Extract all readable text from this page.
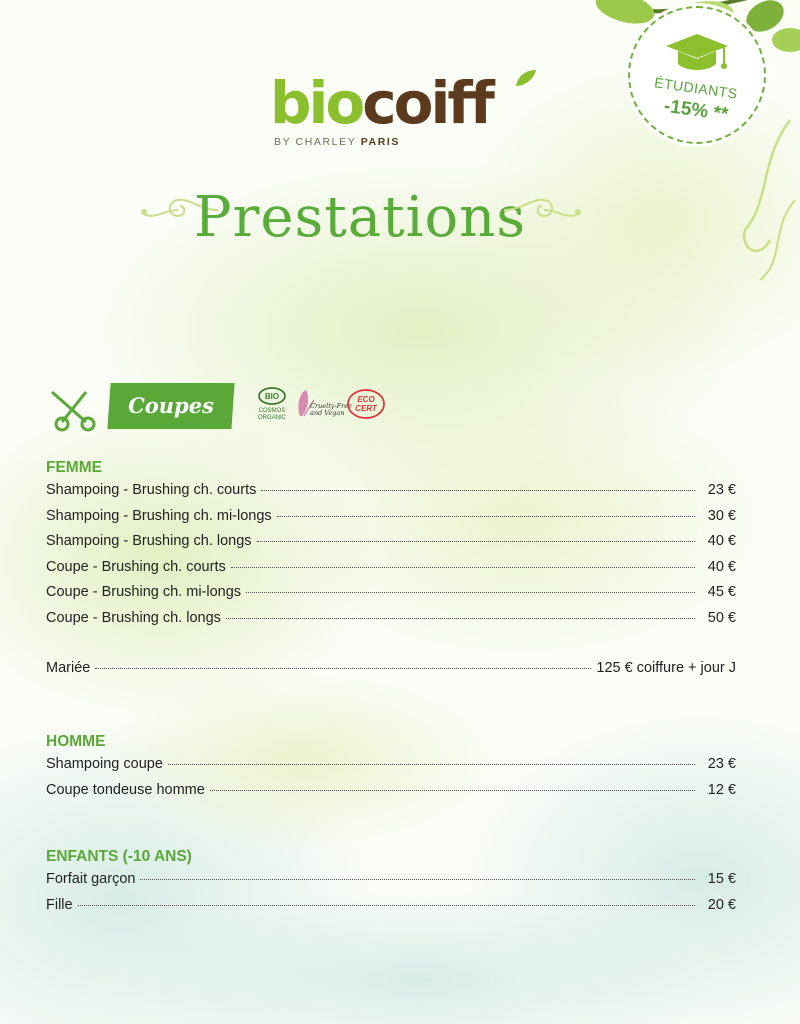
biocoiff
BY CHARLEY PARIS
ÉTUDIANTS
-15% **
Prestations
Coupes	BIO
COSMOS
ORGANIC
Cruelty-Free
and Vegan
ECO
CERT
FEMME
Shampoing - Brushing ch. courts	23 €
Shampoing - Brushing ch. mi-longs	30 €
Shampoing - Brushing ch. longs	40 €
Coupe - Brushing ch. courts	40 €
Coupe - Brushing ch. mi-longs	45 €
Coupe - Brushing ch. longs	50 €
Mariée	125 € coiffure + jour J
HOMME
Shampoing coupe	23 €
Coupe tondeuse homme	12 €
ENFANTS (-10 ANS)
Forfait garçon	15 €
Fille	20 €
